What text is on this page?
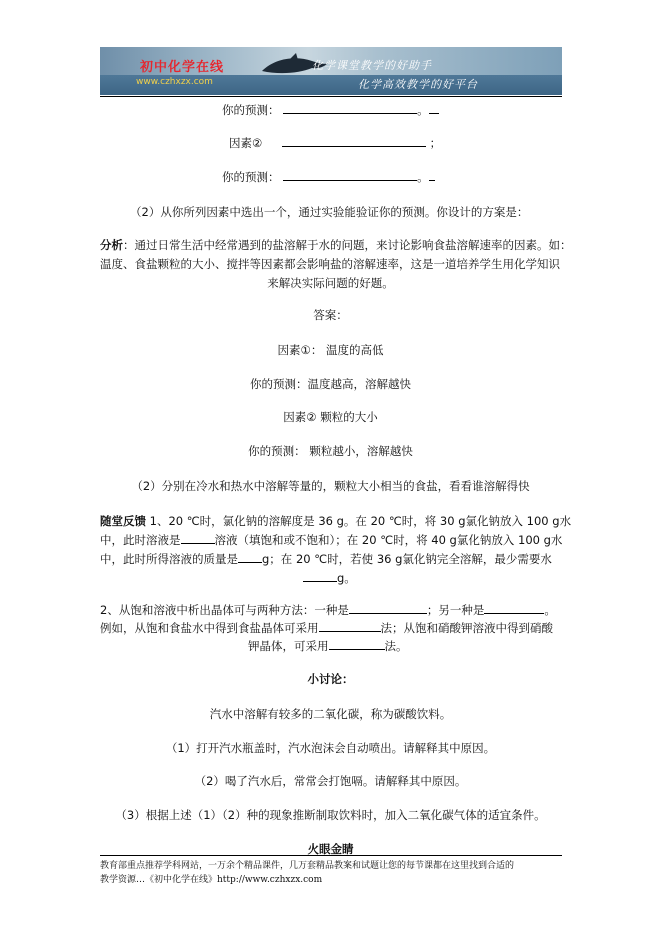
初中化学在线
www.czhxzx.com
化学课堂教学的好助手
化学高效教学的好平台
你的预测：	。
因素②	；
你的预测：	。
（2）从你所列因素中选出一个，通过实验能验证你的预测。你设计的方案是：
分析：通过日常生活中经常遇到的盐溶解于水的问题，来讨论影响食盐溶解速率的因素。如：
温度、食盐颗粒的大小、搅拌等因素都会影响盐的溶解速率，这是一道培养学生用化学知识
来解决实际问题的好题。
答案：
因素①： 温度的高低
你的预测：温度越高，溶解越快
因素② 颗粒的大小
你的预测： 颗粒越小，溶解越快
（2）分别在冷水和热水中溶解等量的，颗粒大小相当的食盐，看看谁溶解得快
随堂反馈 1、20 ℃时，氯化钠的溶解度是 36 g。在 20 ℃时，将 30 g氯化钠放入 100 g水
中，此时溶液是	溶液（填饱和或不饱和）；在 20 ℃时，将 40 g氯化钠放入 100 g水
中，此时所得溶液的质量是 g；在 20 ℃时，若使 36 g氯化钠完全溶解，最少需要水
g。
2、从饱和溶液中析出晶体可与两种方法：一种是	；另一种是	。
例如，从饱和食盐水中得到食盐晶体可采用	法；从饱和硝酸钾溶液中得到硝酸
钾晶体，可采用	法。
小讨论：
汽水中溶解有较多的二氧化碳，称为碳酸饮料。
（1）打开汽水瓶盖时，汽水泡沫会自动喷出。请解释其中原因。
（2）喝了汽水后，常常会打饱嗝。请解释其中原因。
（3）根据上述（1）（2）种的现象推断制取饮料时，加入二氧化碳气体的适宜条件。
火眼金睛
教育部重点推荐学科网站，一万余个精品课件，几万套精品教案和试题让您的每节课都在这里找到合适的
教学资源…《初中化学在线》http://www.czhxzx.com
